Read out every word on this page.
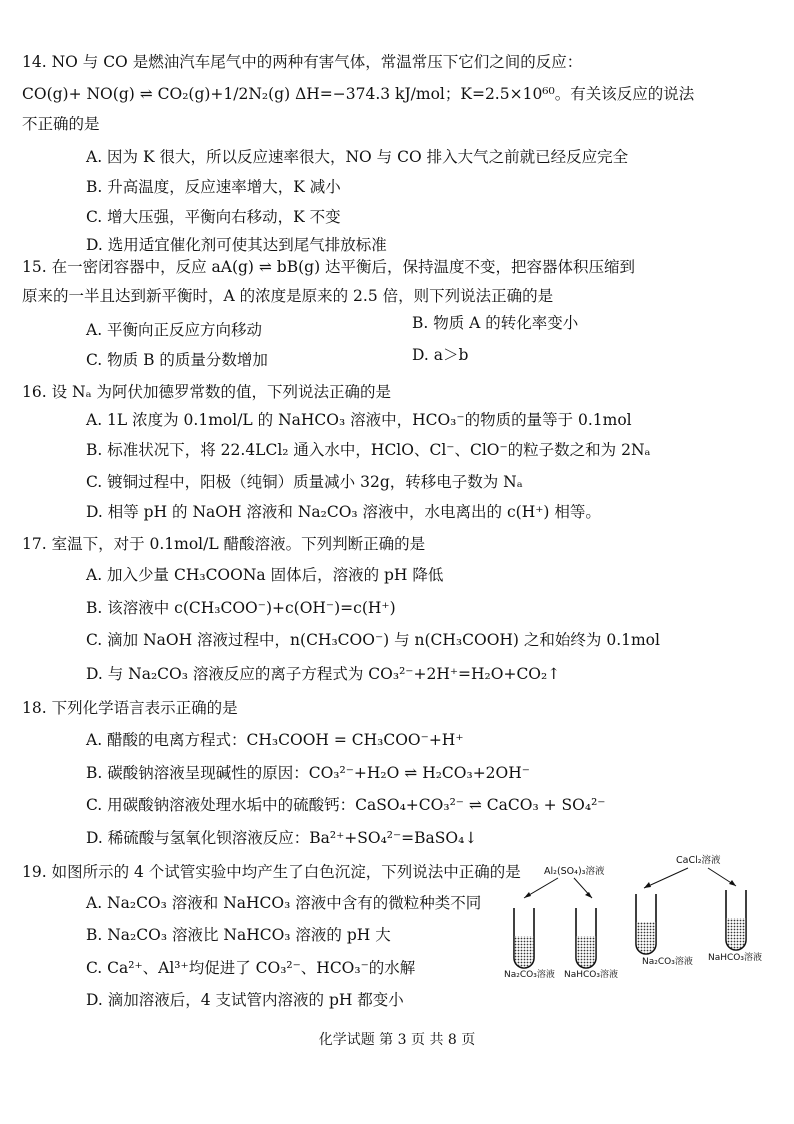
14. NO 与 CO 是燃油汽车尾气中的两种有害气体，常温常压下它们之间的反应：
CO(g)+ NO(g) ⇌ CO₂(g)+1/2N₂(g) ΔH=−374.3 kJ/mol；K=2.5×10⁶⁰。有关该反应的说法
不正确的是
A. 因为 K 很大，所以反应速率很大，NO 与 CO 排入大气之前就已经反应完全
B. 升高温度，反应速率增大，K 减小
C. 增大压强，平衡向右移动，K 不变
D. 选用适宜催化剂可使其达到尾气排放标准
15. 在一密闭容器中，反应 aA(g) ⇌ bB(g) 达平衡后，保持温度不变，把容器体积压缩到
原来的一半且达到新平衡时，A 的浓度是原来的 2.5 倍，则下列说法正确的是
A. 平衡向正反应方向移动	B. 物质 A 的转化率变小
C. 物质 B 的质量分数增加	D. a＞b
16. 设 Nₐ 为阿伏加德罗常数的值，下列说法正确的是
A. 1L 浓度为 0.1mol/L 的 NaHCO₃ 溶液中，HCO₃⁻的物质的量等于 0.1mol
B. 标准状况下，将 22.4LCl₂ 通入水中，HClO、Cl⁻、ClO⁻的粒子数之和为 2Nₐ
C. 镀铜过程中，阳极（纯铜）质量减小 32g，转移电子数为 Nₐ
D. 相等 pH 的 NaOH 溶液和 Na₂CO₃ 溶液中，水电离出的 c(H⁺) 相等。
17. 室温下，对于 0.1mol/L 醋酸溶液。下列判断正确的是
A. 加入少量 CH₃COONa 固体后，溶液的 pH 降低
B. 该溶液中 c(CH₃COO⁻)+c(OH⁻)=c(H⁺)
C. 滴加 NaOH 溶液过程中，n(CH₃COO⁻) 与 n(CH₃COOH) 之和始终为 0.1mol
D. 与 Na₂CO₃ 溶液反应的离子方程式为 CO₃²⁻+2H⁺=H₂O+CO₂↑
18. 下列化学语言表示正确的是
A. 醋酸的电离方程式：CH₃COOH = CH₃COO⁻+H⁺
B. 碳酸钠溶液呈现碱性的原因：CO₃²⁻+H₂O ⇌ H₂CO₃+2OH⁻
C. 用碳酸钠溶液处理水垢中的硫酸钙：CaSO₄+CO₃²⁻ ⇌ CaCO₃ + SO₄²⁻
D. 稀硫酸与氢氧化钡溶液反应：Ba²⁺+SO₄²⁻=BaSO₄↓
19. 如图所示的 4 个试管实验中均产生了白色沉淀，下列说法中正确的是
A. Na₂CO₃ 溶液和 NaHCO₃ 溶液中含有的微粒种类不同
B. Na₂CO₃ 溶液比 NaHCO₃ 溶液的 pH 大
C. Ca²⁺、Al³⁺均促进了 CO₃²⁻、HCO₃⁻的水解
D. 滴加溶液后，4 支试管内溶液的 pH 都变小
Al₂(SO₄)₃溶液
CaCl₂溶液
Na₂CO₃溶液 NaHCO₃溶液
Na₂CO₃溶液 NaHCO₃溶液
化学试题 第 3 页 共 8 页
